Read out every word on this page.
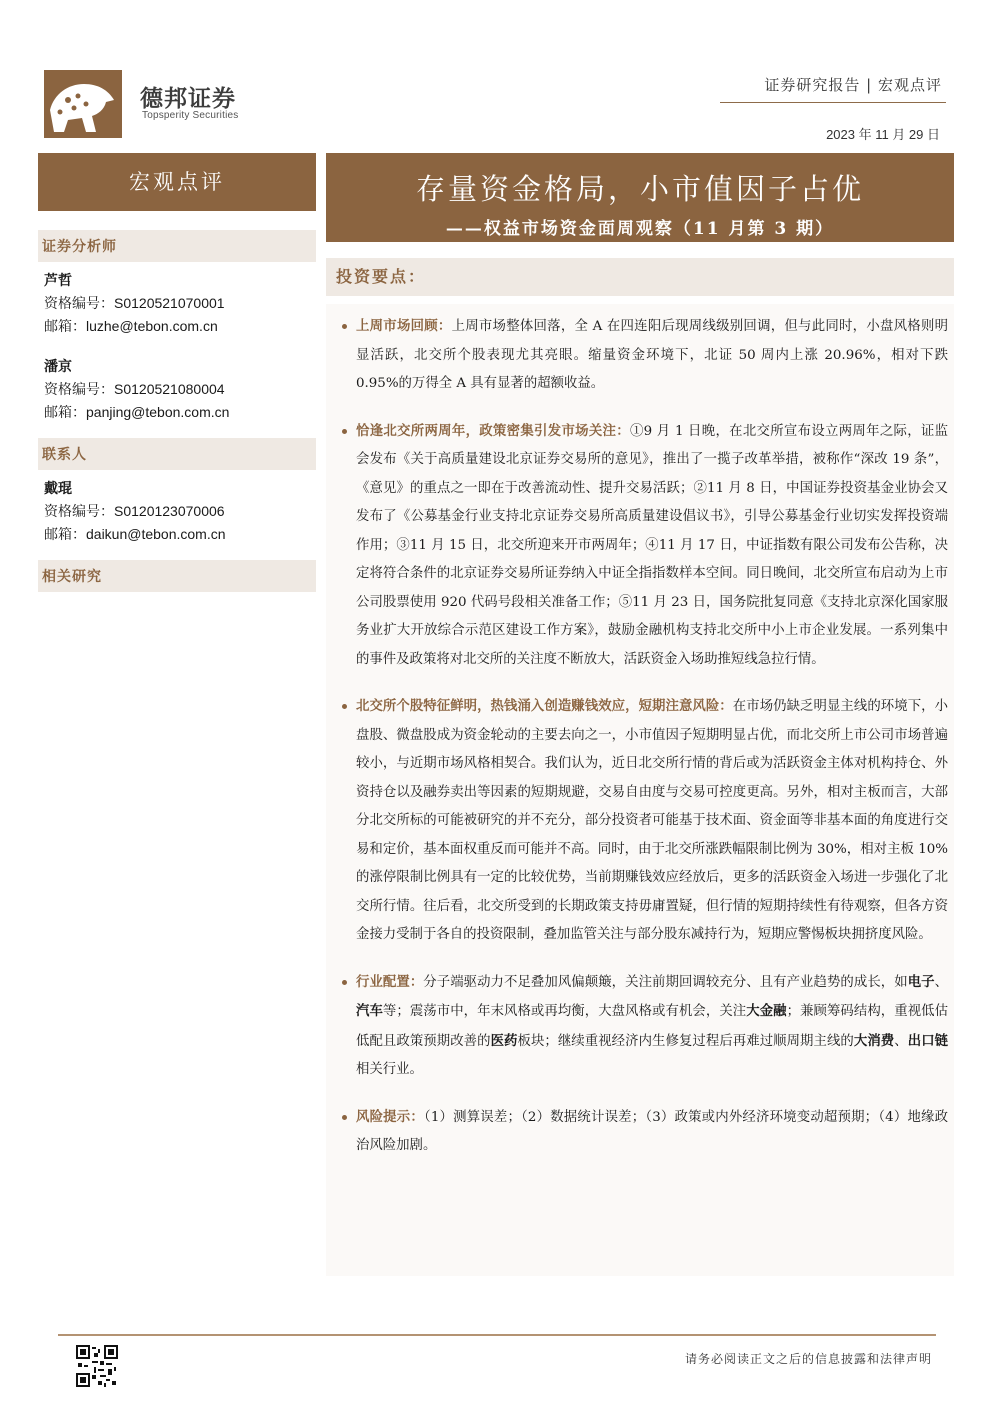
德邦证券
Topsperity Securities
证券研究报告 | 宏观点评
2023 年 11 月 29 日
宏观点评
证券分析师
芦哲
资格编号：S0120521070001
邮箱：luzhe@tebon.com.cn
潘京
资格编号：S0120521080004
邮箱：panjing@tebon.com.cn
联系人
戴琨
资格编号：S0120123070006
邮箱：daikun@tebon.com.cn
相关研究
存量资金格局，小市值因子占优
——权益市场资金面周观察（11 月第 3 期）
投资要点：

上周市场回顾：上周市场整体回落，全 A 在四连阳后现周线级别回调，但与此同时，小盘风格则明显活跃，北交所个股表现尤其亮眼。缩量资金环境下，北证 50 周内上涨 20.96%，相对下跌 0.95%的万得全 A 具有显著的超额收益。

恰逢北交所两周年，政策密集引发市场关注：①9 月 1 日晚，在北交所宣布设立两周年之际，证监会发布《关于高质量建设北京证券交易所的意见》，推出了一揽子改革举措，被称作“深改 19 条”，《意见》的重点之一即在于改善流动性、提升交易活跃；②11 月 8 日，中国证券投资基金业协会又发布了《公募基金行业支持北京证券交易所高质量建设倡议书》，引导公募基金行业切实发挥投资端作用；③11 月 15 日，北交所迎来开市两周年；④11 月 17 日，中证指数有限公司发布公告称，决定将符合条件的北京证券交易所证券纳入中证全指指数样本空间。同日晚间，北交所宣布启动为上市公司股票使用 920 代码号段相关准备工作；⑤11 月 23 日，国务院批复同意《支持北京深化国家服务业扩大开放综合示范区建设工作方案》，鼓励金融机构支持北交所中小上市企业发展。一系列集中的事件及政策将对北交所的关注度不断放大，活跃资金入场助推短线急拉行情。

北交所个股特征鲜明，热钱涌入创造赚钱效应，短期注意风险：在市场仍缺乏明显主线的环境下，小盘股、微盘股成为资金轮动的主要去向之一，小市值因子短期明显占优，而北交所上市公司市场普遍较小，与近期市场风格相契合。我们认为，近日北交所行情的背后或为活跃资金主体对机构持仓、外资持仓以及融券卖出等因素的短期规避，交易自由度与交易可控度更高。另外，相对主板而言，大部分北交所标的可能被研究的并不充分，部分投资者可能基于技术面、资金面等非基本面的角度进行交易和定价，基本面权重反而可能并不高。同时，由于北交所涨跌幅限制比例为 30%，相对主板 10%的涨停限制比例具有一定的比较优势，当前期赚钱效应经放后，更多的活跃资金入场进一步强化了北交所行情。往后看，北交所受到的长期政策支持毋庸置疑，但行情的短期持续性有待观察，但各方资金接力受制于各自的投资限制，叠加监管关注与部分股东减持行为，短期应警惕板块拥挤度风险。

行业配置：分子端驱动力不足叠加风偏颠簸，关注前期回调较充分、且有产业趋势的成长，如电子、汽车等；震荡市中，年末风格或再均衡，大盘风格或有机会，关注大金融；兼顾筹码结构，重视低估低配且政策预期改善的医药板块；继续重视经济内生修复过程后再难过顺周期主线的大消费、出口链相关行业。

风险提示：（1）测算误差；（2）数据统计误差；（3）政策或内外经济环境变动超预期；（4）地缘政治风险加剧。

请务必阅读正文之后的信息披露和法律声明
